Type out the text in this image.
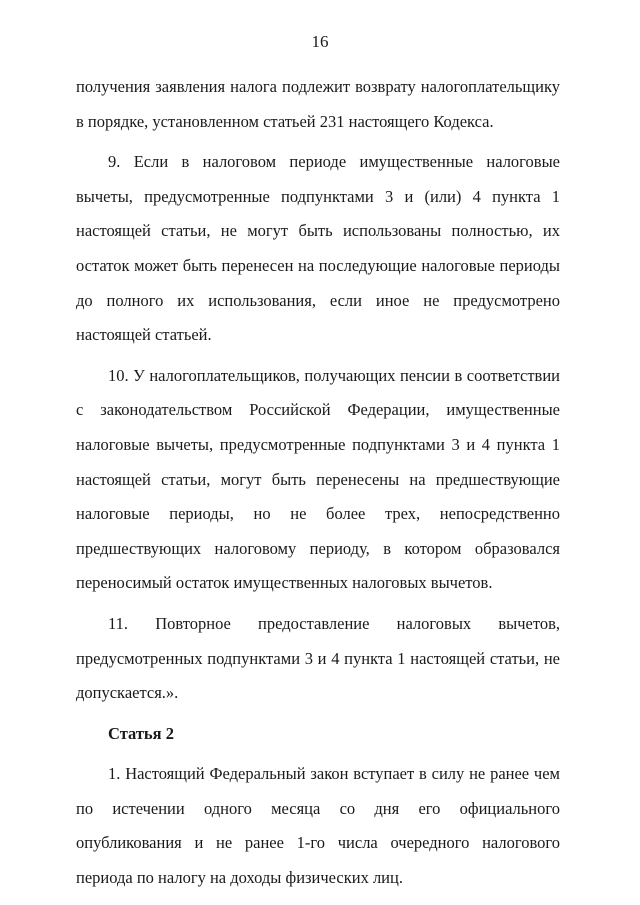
16

получения заявления налога подлежит возврату налогоплательщику в порядке, установленном статьей 231 настоящего Кодекса.

9. Если в налоговом периоде имущественные налоговые вычеты, предусмотренные подпунктами 3 и (или) 4 пункта 1 настоящей статьи, не могут быть использованы полностью, их остаток может быть перенесен на последующие налоговые периоды до полного их использования, если иное не предусмотрено настоящей статьей.

10. У налогоплательщиков, получающих пенсии в соответствии с законодательством Российской Федерации, имущественные налоговые вычеты, предусмотренные подпунктами 3 и 4 пункта 1 настоящей статьи, могут быть перенесены на предшествующие налоговые периоды, но не более трех, непосредственно предшествующих налоговому периоду, в котором образовался переносимый остаток имущественных налоговых вычетов.

11. Повторное предоставление налоговых вычетов, предусмотренных подпунктами 3 и 4 пункта 1 настоящей статьи, не допускается.».

Статья 2

1. Настоящий Федеральный закон вступает в силу не ранее чем по истечении одного месяца со дня его официального опубликования и не ранее 1-го числа очередного налогового периода по налогу на доходы физических лиц.
